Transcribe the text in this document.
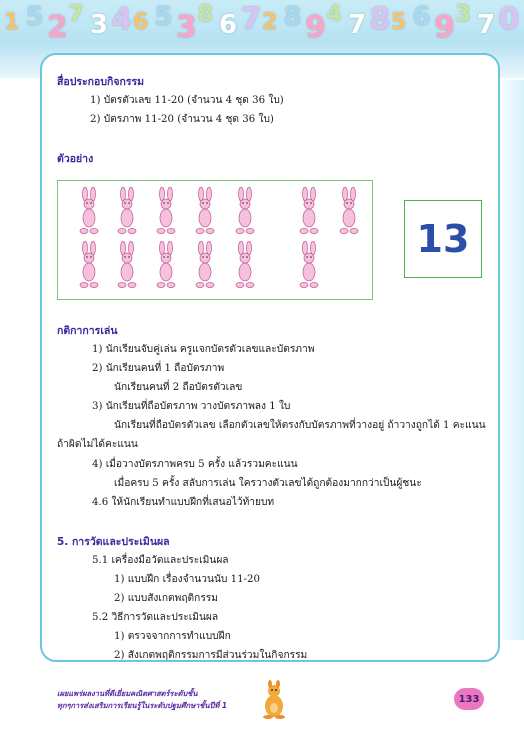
1 5 2 7 3 4 6 5 3 8 6 7 2 8 9 4 7 8 5 6 9 3 7 0
สื่อประกอบกิจกรรม
1) บัตรตัวเลข 11-20 (จำนวน 4 ชุด 36 ใบ)
2) บัตรภาพ 11-20 (จำนวน 4 ชุด 36 ใบ)
ตัวอย่าง
13
กติกาการเล่น
1) นักเรียนจับคู่เล่น ครูแจกบัตรตัวเลขและบัตรภาพ
2) นักเรียนคนที่ 1 ถือบัตรภาพ
นักเรียนคนที่ 2 ถือบัตรตัวเลข
3) นักเรียนที่ถือบัตรภาพ วางบัตรภาพลง 1 ใบ
นักเรียนที่ถือบัตรตัวเลข เลือกตัวเลขให้ตรงกับบัตรภาพที่วางอยู่ ถ้าวางถูกได้ 1 คะแนน
ถ้าผิดไม่ได้คะแนน
4) เมื่อวางบัตรภาพครบ 5 ครั้ง แล้วรวมคะแนน
เมื่อครบ 5 ครั้ง สลับการเล่น ใครวางตัวเลขได้ถูกต้องมากกว่าเป็นผู้ชนะ
4.6 ให้นักเรียนทำแบบฝึกที่เสนอไว้ท้ายบท
5. การวัดและประเมินผล
5.1 เครื่องมือวัดและประเมินผล
1) แบบฝึก เรื่องจำนวนนับ 11-20
2) แบบสังเกตพฤติกรรม
5.2 วิธีการวัดและประเมินผล
1) ตรวจจากการทำแบบฝึก
2) สังเกตพฤติกรรมการมีส่วนร่วมในกิจกรรม
เผยแพร่ผลงานที่ดีเยี่ยมคณิตศาสตร์ระดับชั้น
ทุกๆการส่งเสริมการเรียนรู้ในระดับปฐมศึกษาชั้นปีที่ 1
133
